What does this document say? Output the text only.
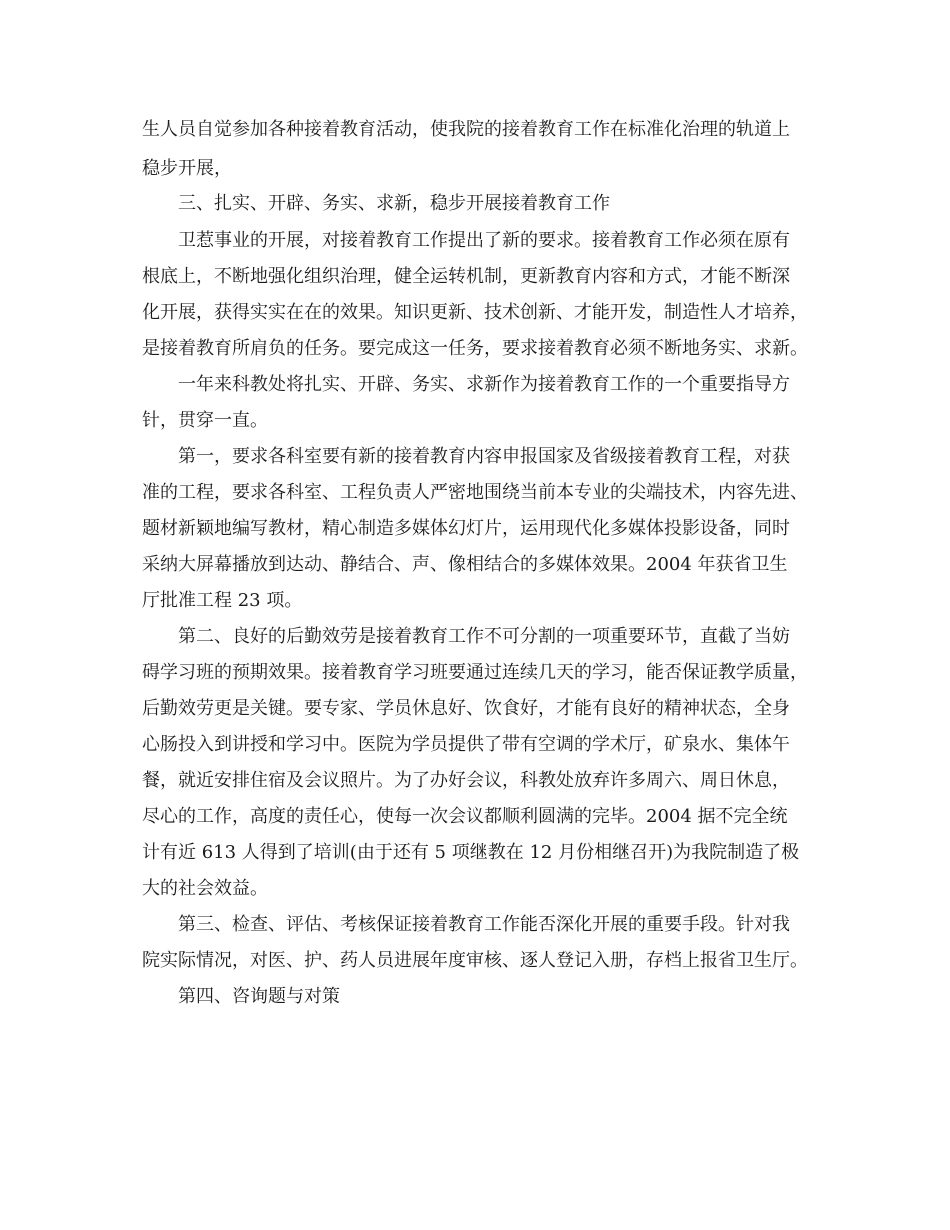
生人员自觉参加各种接着教育活动，使我院的接着教育工作在标准化治理的轨道上

稳步开展，

三、扎实、开辟、务实、求新，稳步开展接着教育工作

卫惹事业的开展，对接着教育工作提出了新的要求。接着教育工作必须在原有

根底上，不断地强化组织治理，健全运转机制，更新教育内容和方式，才能不断深

化开展，获得实实在在的效果。知识更新、技术创新、才能开发，制造性人才培养，

是接着教育所肩负的任务。要完成这一任务，要求接着教育必须不断地务实、求新。

一年来科教处将扎实、开辟、务实、求新作为接着教育工作的一个重要指导方

针，贯穿一直。

第一，要求各科室要有新的接着教育内容申报国家及省级接着教育工程，对获

准的工程，要求各科室、工程负责人严密地围绕当前本专业的尖端技术，内容先进、

题材新颖地编写教材，精心制造多媒体幻灯片，运用现代化多媒体投影设备，同时

采纳大屏幕播放到达动、静结合、声、像相结合的多媒体效果。2004 年获省卫生

厅批准工程 23 项。

第二、良好的后勤效劳是接着教育工作不可分割的一项重要环节，直截了当妨

碍学习班的预期效果。接着教育学习班要通过连续几天的学习，能否保证教学质量，

后勤效劳更是关键。要专家、学员休息好、饮食好，才能有良好的精神状态，全身

心肠投入到讲授和学习中。医院为学员提供了带有空调的学术厅，矿泉水、集体午

餐，就近安排住宿及会议照片。为了办好会议，科教处放弃许多周六、周日休息，

尽心的工作，高度的责任心，使每一次会议都顺利圆满的完毕。2004 据不完全统

计有近 613 人得到了培训(由于还有 5 项继教在 12 月份相继召开)为我院制造了极

大的社会效益。

第三、检查、评估、考核保证接着教育工作能否深化开展的重要手段。针对我

院实际情况，对医、护、药人员进展年度审核、逐人登记入册，存档上报省卫生厅。

第四、咨询题与对策
